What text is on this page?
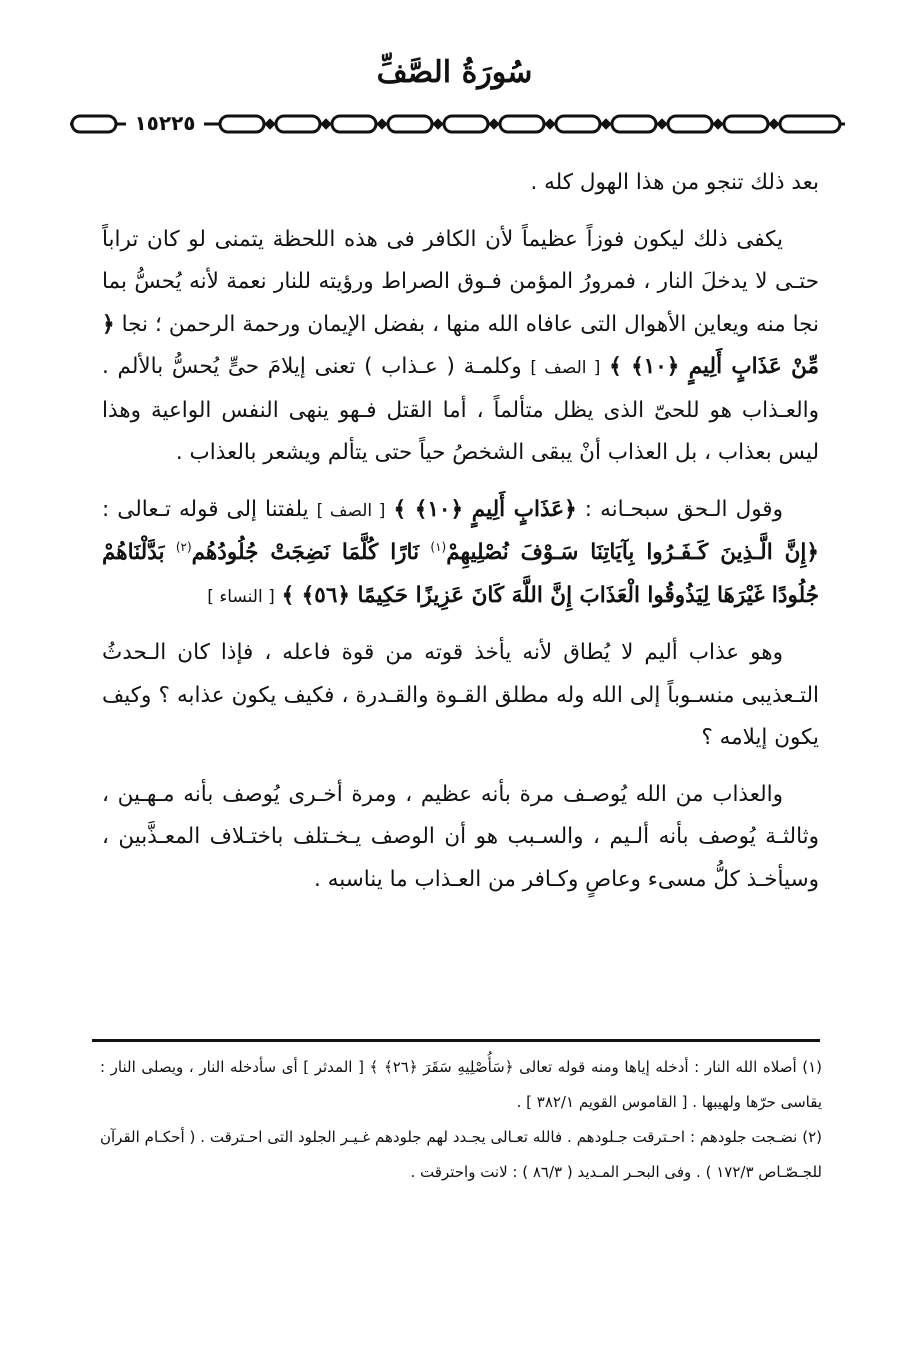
سُورَةُ الصَّفِّ
١٥٢٢٥

بعد ذلك تنجو من هذا الهول كله .

يكفى ذلك ليكون فوزاً عظيماً لأن الكافر فى هذه اللحظة يتمنى لو كان تراباً حتـى لا يدخلَ النار ، فمرورُ المؤمن فـوق الصراط ورؤيته للنار نعمة لأنه يُحسُّ بما نجا منه ويعاين الأهوال التى عافاه الله منها ، بفضل الإيمان ورحمة الرحمن ؛ نجا ﴿ مِّنْ عَذَابٍ أَلِيمٍ ﴿١٠﴾ ﴾ [ الصف ] وكلمـة ( عـذاب ) تعنى إيلامَ حىٍّ يُحسُّ بالألم . والعـذاب هو للحىّ الذى يظل متألماً ، أما القتل فـهو ينهى النفس الواعية وهذا ليس بعذاب ، بل العذاب أنْ يبقى الشخصُ حياً حتى يتألم ويشعر بالعذاب .

وقول الـحق سبحـانه : ﴿عَذَابٍ أَلِيمٍ ﴿١٠﴾ ﴾ [ الصف ] يلفتنا إلى قوله تـعالى : ﴿إِنَّ الَّـذِينَ كَـفَـرُوا بِآيَاتِنَا سَـوْفَ نُصْلِيهِمْ$^{(١)}$ نَارًا كُلَّمَا نَضِجَتْ جُلُودُهُم$^{(٢)}$ بَدَّلْنَاهُمْ جُلُودًا غَيْرَهَا لِيَذُوقُوا الْعَذَابَ إِنَّ اللَّهَ كَانَ عَزِيزًا حَكِيمًا ﴿٥٦﴾ ﴾ [ النساء ]

وهو عذاب أليم لا يُطاق لأنه يأخذ قوته من قوة فاعله ، فإذا كان الـحدثُ التـعذيبى منسـوباً إلى الله وله مطلق القـوة والقـدرة ، فكيف يكون عذابه ؟ وكيف يكون إيلامه ؟

والعذاب من الله يُوصـف مرة بأنه عظيم ، ومرة أخـرى يُوصف بأنه مـهـين ، وثالثـة يُوصف بأنه ألـيم ، والسـبب هو أن الوصف يـخـتلف باختـلاف المعـذَّبين ، وسيأخـذ كلُّ مسىء وعاصٍ وكـافر من العـذاب ما يناسبه .

(١) أصلاه الله النار : أدخله إياها ومنه قوله تعالى ﴿سَأُصْلِيهِ سَقَرَ ﴿٢٦﴾ ﴾ [ المدثر ] أى سأدخله النار ، ويصلى النار : يقاسى حرّها ولهيبها . [ القاموس القويم ٣٨٢/١ ] .

(٢) نضـجت جلودهم : احـترقت جـلودهم . فالله تعـالى يجـدد لهم جلودهم غـيـر الجلود التى احـترقت . ( أحكـام القرآن للجـصّـاص ١٧٢/٣ ) . وفى البحـر المـديد ( ٨٦/٣ ) : لانت واحترقت .
